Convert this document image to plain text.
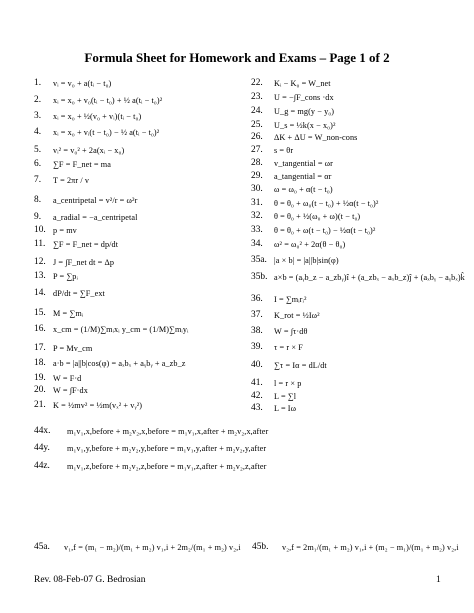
Formula Sheet for Homework and Exams – Page 1 of 2
1.	vᵢ = v₀ + a(tᵢ − t₀)
2.	xᵢ = x₀ + v₀(tᵢ − t₀) + ½ a(tᵢ − t₀)²
3.	xᵢ = x₀ + ½(v₀ + vᵢ)(tᵢ − t₀)
4.	xᵢ = x₀ + vᵢ(t − t₀) − ½ a(tᵢ − t₀)²
5.	vᵢ² = v₀² + 2a(xᵢ − x₀)
6.	∑F = F_net = ma
7.	T = 2πr / v
8.	a_centripetal = v²/r = ω²r
9.	a_radial = −a_centripetal
10. p = mv
11. ∑F = F_net = dp/dt
12. J = ∫F_net dt = Δp
13. P = ∑pᵢ
14. dP/dt = ∑F_ext
15. M = ∑mᵢ
16. x_cm = (1/M)∑mᵢxᵢ y_cm = (1/M)∑mᵢyᵢ
17. P = Mv_cm
18. a·b = |a||b|cos(φ) = aₓbₓ + aᵧbᵧ + a_zb_z
19. W = F·d
20. W = ∫F·dx
21. K = ½mv² = ½m(vₓ² + vᵧ²)
22.	Kᵢ − K₀ = W_net
23.	U = −∫F_cons ·dx
24.	U_g = mg(y − y₀)
25.	U_s = ½k(x − x₀)²
26.	ΔK + ΔU = W_non-cons
27.	s = θr
28.	v_tangential = ωr
29.	a_tangential = αr
30.	ω = ω₀ + α(t − t₀)
31.	θ = θ₀ + ω₀(t − t₀) + ½α(t − t₀)²
32.	θ = θ₀ + ½(ω₀ + ω)(t − t₀)
33.	θ = θ₀ + ω(t − t₀) − ½α(t − t₀)²
34.	ω² = ω₀² + 2α(θ − θ₀)
35a. |a × b| = |a||b|sin(φ)
35b. a×b = (aᵧb_z − a_zbᵧ)î + (a_zbₓ − aₓb_z)ĵ + (aₓbᵧ − aᵧbₓ)k̂
36.	I = ∑mᵢrᵢ²
37.	K_rot = ½Iω²
38.	W = ∫τ·dθ
39.	τ = r × F
40.	∑τ = Iα = dL/dt
41.	l = r × p
42.	L = ∑l
43.	L = Iω
44x.	m₁v₁,x,before + m₂v₂,x,before = m₁v₁,x,after + m₂v₂,x,after
44y.	m₁v₁,y,before + m₂v₂,y,before = m₁v₁,y,after + m₂v₂,y,after
44z.	m₁v₁,z,before + m₂v₂,z,before = m₁v₁,z,after + m₂v₂,z,after
45a.	v₁,f = (m₁ − m₂)/(m₁ + m₂) v₁,i + 2m₂/(m₁ + m₂) v₂,i 45b.	v₂,f = 2m₁/(m₁ + m₂) v₁,i + (m₂ − m₁)/(m₁ + m₂) v₂,i
Rev. 08-Feb-07 G. Bedrosian	1
